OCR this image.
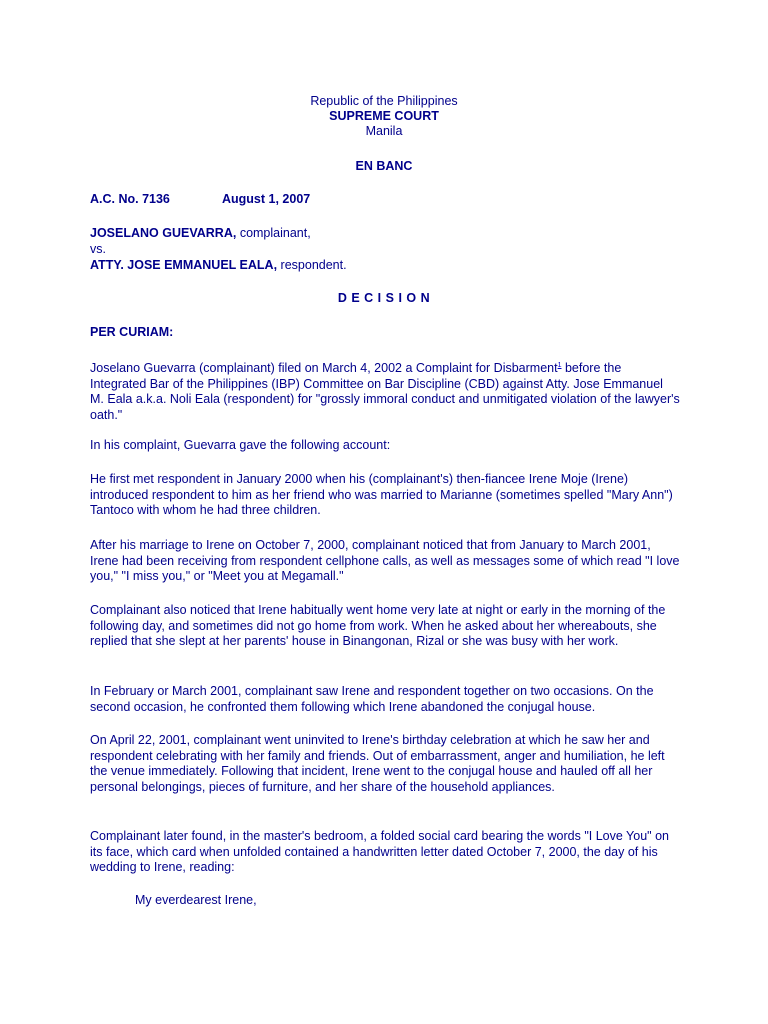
Republic of the Philippines
SUPREME COURT
Manila
EN BANC
A.C. No. 7136	August 1, 2007
JOSELANO GUEVARRA, complainant,
vs.
ATTY. JOSE EMMANUEL EALA, respondent.
D E C I S I O N
PER CURIAM:

Joselano Guevarra (complainant) filed on March 4, 2002 a Complaint for Disbarment$^1$ before the Integrated Bar of the Philippines (IBP) Committee on Bar Discipline (CBD) against Atty. Jose Emmanuel M. Eala a.k.a. Noli Eala (respondent) for "grossly immoral conduct and unmitigated violation of the lawyer's oath."

In his complaint, Guevarra gave the following account:

He first met respondent in January 2000 when his (complainant's) then-fiancee Irene Moje (Irene) introduced respondent to him as her friend who was married to Marianne (sometimes spelled "Mary Ann") Tantoco with whom he had three children.

After his marriage to Irene on October 7, 2000, complainant noticed that from January to March 2001, Irene had been receiving from respondent cellphone calls, as well as messages some of which read "I love you," "I miss you," or "Meet you at Megamall."

Complainant also noticed that Irene habitually went home very late at night or early in the morning of the following day, and sometimes did not go home from work. When he asked about her whereabouts, she replied that she slept at her parents' house in Binangonan, Rizal or she was busy with her work.

In February or March 2001, complainant saw Irene and respondent together on two occasions. On the second occasion, he confronted them following which Irene abandoned the conjugal house.

On April 22, 2001, complainant went uninvited to Irene's birthday celebration at which he saw her and respondent celebrating with her family and friends. Out of embarrassment, anger and humiliation, he left the venue immediately. Following that incident, Irene went to the conjugal house and hauled off all her personal belongings, pieces of furniture, and her share of the household appliances.

Complainant later found, in the master's bedroom, a folded social card bearing the words "I Love You" on its face, which card when unfolded contained a handwritten letter dated October 7, 2000, the day of his wedding to Irene, reading:

My everdearest Irene,
